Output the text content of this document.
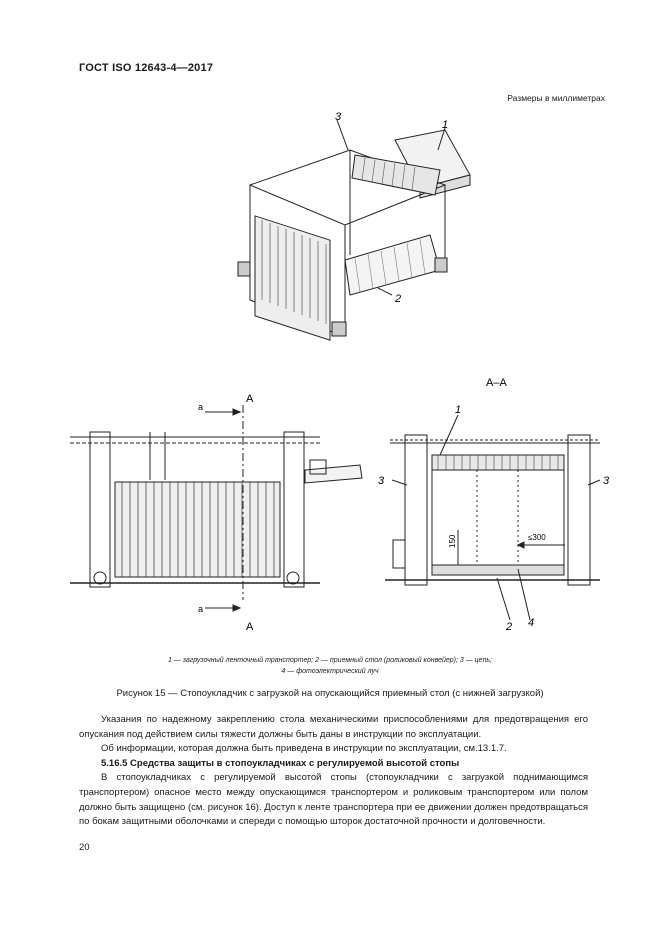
ГОСТ ISO 12643-4—2017
Размеры в миллиметрах
3
1
2
А
А
а
а
А–А
1
3	3
2 4
150	≤300
1 — загрузочный ленточный транспортер; 2 — приемный стол (роликовый конвейер); 3 — цепь;
4 — фотоэлектрический луч
Рисунок 15 — Стопоукладчик с загрузкой на опускающийся приемный стол (с нижней загрузкой)

Указания по надежному закреплению стола механическими приспособлениями для предотвращения его опускания под действием силы тяжести должны быть даны в инструкции по эксплуатации.

Об информации, которая должна быть приведена в инструкции по эксплуатации, см.13.1.7.

5.16.5 Средства защиты в стопоукладчиках с регулируемой высотой стопы

В стопоукладчиках с регулируемой высотой стопы (стопоукладчики с загрузкой поднимающимся транспортером) опасное место между опускающимся транспортером и роликовым транспортером или полом должно быть защищено (см. рисунок 16). Доступ к ленте транспортера при ее движении должен предотвращаться по бокам защитными оболочками и спереди с помощью шторок достаточной прочности и долговечности.

20
